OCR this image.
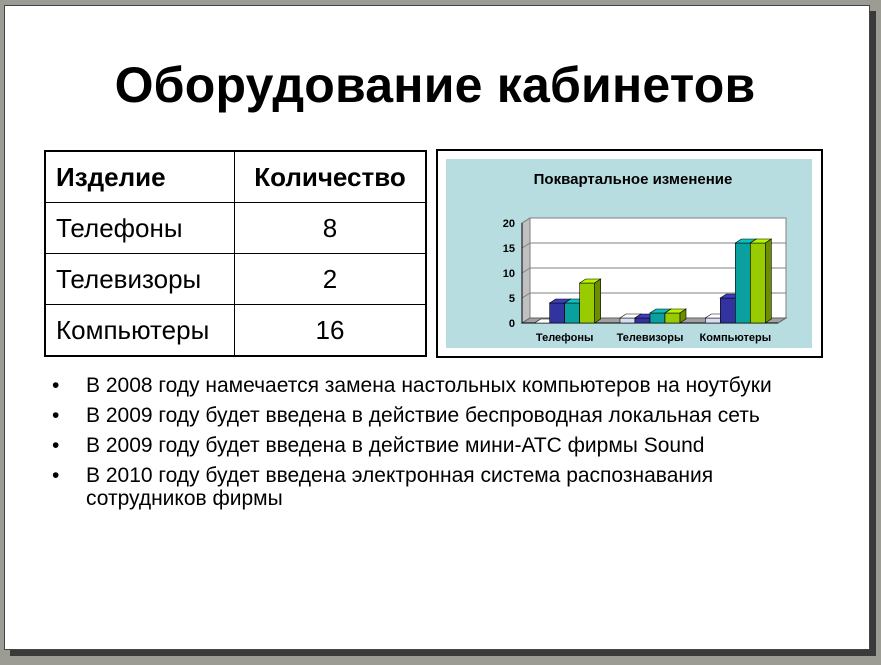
Оборудование кабинетов
Изделие	Количество
Телефоны	8
Телевизоры	2
Компьютеры	16
Поквартальное изменение
0
5
10
15
20
Телефоны Телевизоры Компьютеры
• В 2008 году намечается замена настольных компьютеров на ноутбуки
• В 2009 году будет введена в действие беспроводная локальная сеть
• В 2009 году будет введена в действие мини-АТС фирмы Sound
• В 2010 году будет введена электронная система распознавания сотрудников фирмы
